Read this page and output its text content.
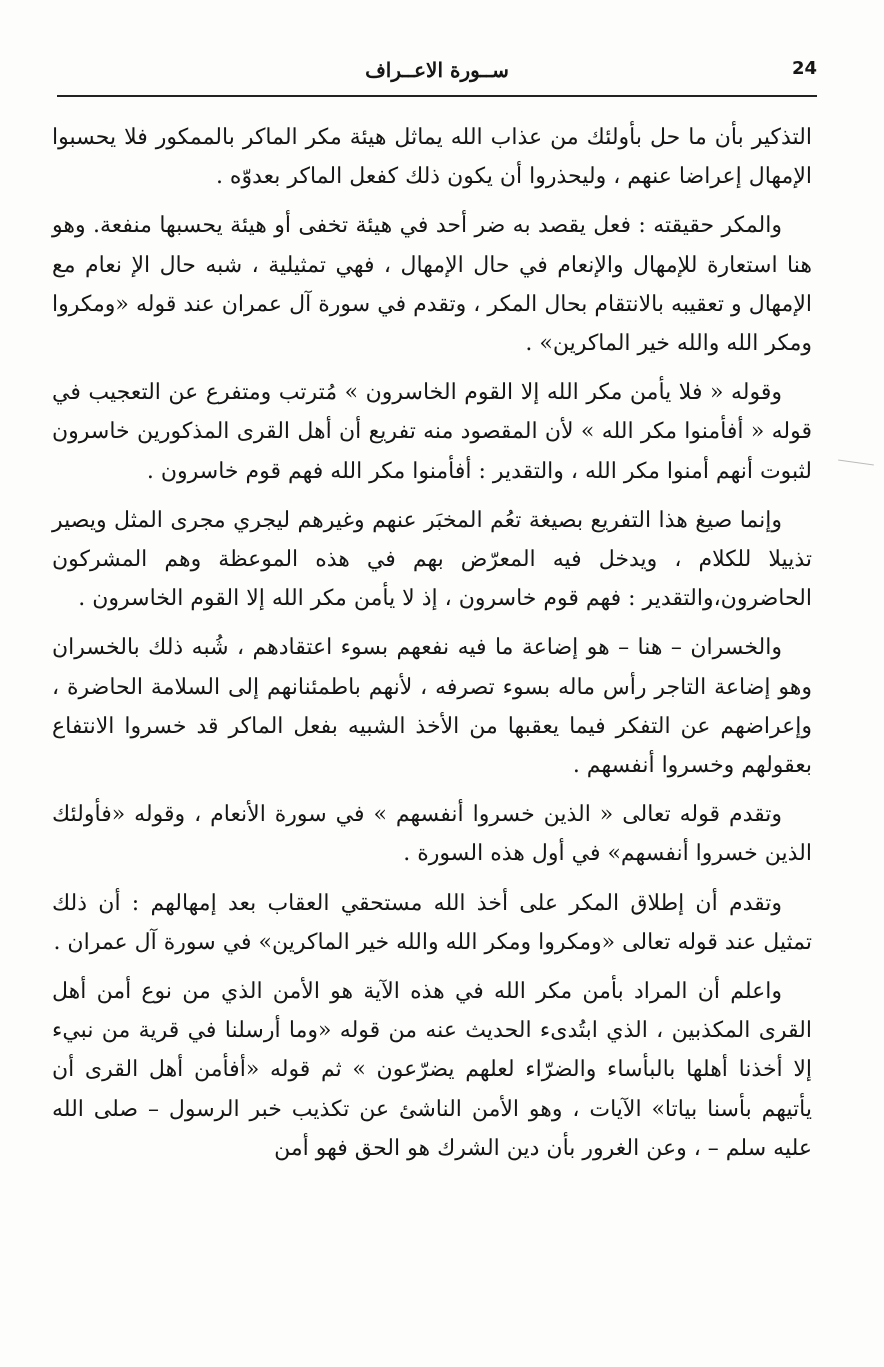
24
ســورة الاعــراف

التذكير بأن ما حل بأولئك من عذاب الله يماثل هيئة مكر الماكر بالممكور فلا يحسبوا الإمهال إعراضا عنهم ، وليحذروا أن يكون ذلك كفعل الماكر بعدوّه .

والمكر حقيقته : فعل يقصد به ضر أحد في هيئة تخفى أو هيئة يحسبها منفعة. وهو هنا استعارة للإمهال والإنعام في حال الإمهال ، فهي تمثيلية ، شبه حال الإ نعام مع الإمهال و تعقيبه بالانتقام بحال المكر ، وتقدم في سورة آل عمران عند قوله «ومكروا ومكر الله والله خير الماكرين» .

وقوله « فلا يأمن مكر الله إلا القوم الخاسرون » مُترتب ومتفرع عن التعجيب في قوله « أفأمنوا مكر الله » لأن المقصود منه تفريع أن أهل القرى المذكورين خاسرون لثبوت أنهم أمنوا مكر الله ، والتقدير : أفأمنوا مكر الله فهم قوم خاسرون .

وإنما صيغ هذا التفريع بصيغة تعُم المخبَر عنهم وغيرهم ليجري مجرى المثل ويصير تذييلا للكلام ، ويدخل فيه المعرّض بهم في هذه الموعظة وهم المشركون الحاضرون،والتقدير : فهم قوم خاسرون ، إذ لا يأمن مكر الله إلا القوم الخاسرون .

والخسران – هنا – هو إضاعة ما فيه نفعهم بسوء اعتقادهم ، شُبه ذلك بالخسران وهو إضاعة التاجر رأس ماله بسوء تصرفه ، لأنهم باطمئنانهم إلى السلامة الحاضرة ، وإعراضهم عن التفكر فيما يعقبها من الأخذ الشبيه بفعل الماكر قد خسروا الانتفاع بعقولهم وخسروا أنفسهم .

وتقدم قوله تعالى « الذين خسروا أنفسهم » في سورة الأنعام ، وقوله «فأولئك الذين خسروا أنفسهم» في أول هذه السورة .

وتقدم أن إطلاق المكر على أخذ الله مستحقي العقاب بعد إمهالهم : أن ذلك تمثيل عند قوله تعالى «ومكروا ومكر الله والله خير الماكرين» في سورة آل عمران .

واعلم أن المراد بأمن مكر الله في هذه الآية هو الأمن الذي من نوع أمن أهل القرى المكذبين ، الذي ابتُدىء الحديث عنه من قوله «وما أرسلنا في قرية من نبيء إلا أخذنا أهلها بالبأساء والضرّاء لعلهم يضرّعون » ثم قوله «أفأمن أهل القرى أن يأتيهم بأسنا بياتا» الآيات ، وهو الأمن الناشئ عن تكذيب خبر الرسول – صلى الله عليه سلم – ، وعن الغرور بأن دين الشرك هو الحق فهو أمن
